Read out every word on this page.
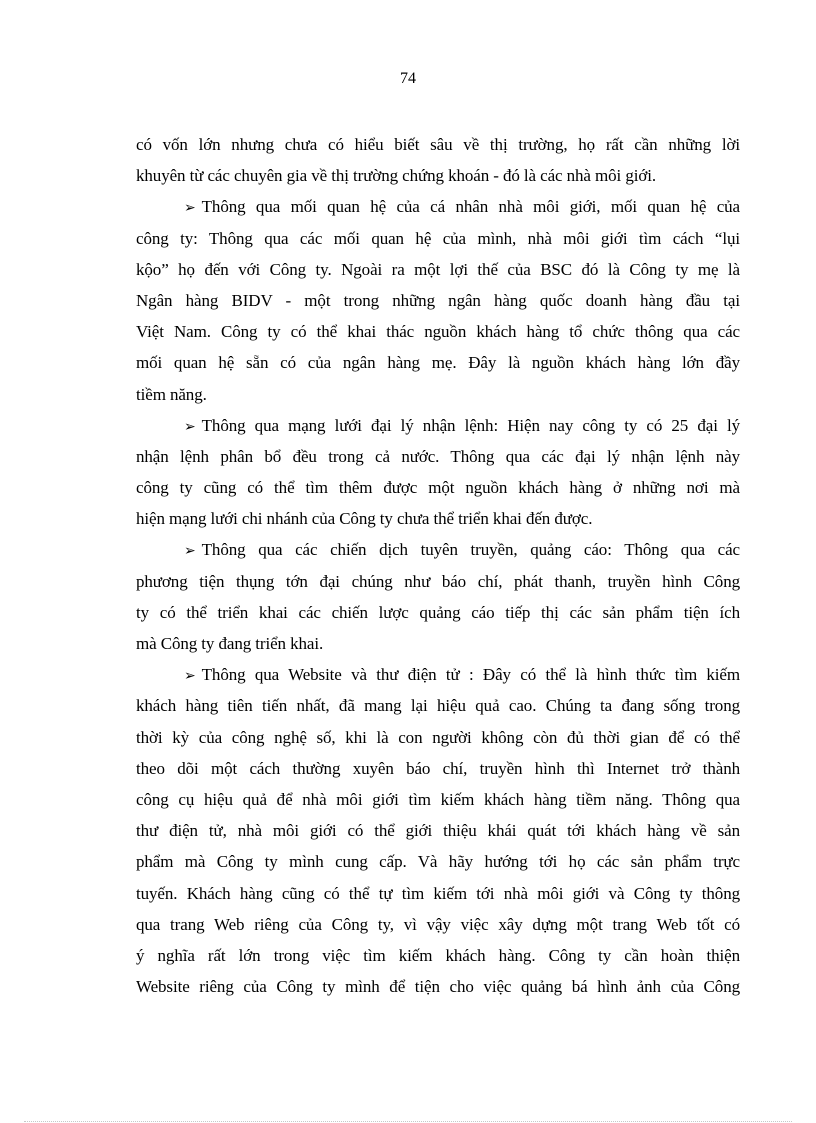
74

có vốn lớn nhưng chưa có hiểu biết sâu về thị trường, họ rất cần những lời
khuyên từ các chuyên gia về thị trường chứng khoán - đó là các nhà môi giới.

➢ Thông qua mối quan hệ của cá nhân nhà môi giới, mối quan hệ của
công ty: Thông qua các mối quan hệ của mình, nhà môi giới tìm cách “lụi
kộo” họ đến với Công ty. Ngoài ra một lợi thế của BSC đó là Công ty mẹ là
Ngân hàng BIDV - một trong những ngân hàng quốc doanh hàng đầu tại
Việt Nam. Công ty có thể khai thác nguồn khách hàng tổ chức thông qua các
mối quan hệ sẵn có của ngân hàng mẹ. Đây là nguồn khách hàng lớn đầy
tiềm năng.

➢ Thông qua mạng lưới đại lý nhận lệnh: Hiện nay công ty có 25 đại lý
nhận lệnh phân bổ đều trong cả nước. Thông qua các đại lý nhận lệnh này
công ty cũng có thể tìm thêm được một nguồn khách hàng ở những nơi mà
hiện mạng lưới chi nhánh của Công ty chưa thể triển khai đến được.

➢ Thông qua các chiến dịch tuyên truyền, quảng cáo: Thông qua các
phương tiện thụng tớn đại chúng như báo chí, phát thanh, truyền hình Công
ty có thể triển khai các chiến lược quảng cáo tiếp thị các sản phẩm tiện ích
mà Công ty đang triển khai.

➢ Thông qua Website và thư điện tử : Đây có thể là hình thức tìm kiếm
khách hàng tiên tiến nhất, đã mang lại hiệu quả cao. Chúng ta đang sống trong
thời kỳ của công nghệ số, khi là con người không còn đủ thời gian để có thể
theo dõi một cách thường xuyên báo chí, truyền hình thì Internet trở thành
công cụ hiệu quả để nhà môi giới tìm kiếm khách hàng tiềm năng. Thông qua
thư điện tử, nhà môi giới có thể giới thiệu khái quát tới khách hàng về sản
phẩm mà Công ty mình cung cấp. Và hãy hướng tới họ các sản phẩm trực
tuyến. Khách hàng cũng có thể tự tìm kiếm tới nhà môi giới và Công ty thông
qua trang Web riêng của Công ty, vì vậy việc xây dựng một trang Web tốt có
ý nghĩa rất lớn trong việc tìm kiếm khách hàng. Công ty cần hoàn thiện
Website riêng của Công ty mình để tiện cho việc quảng bá hình ảnh của Công
